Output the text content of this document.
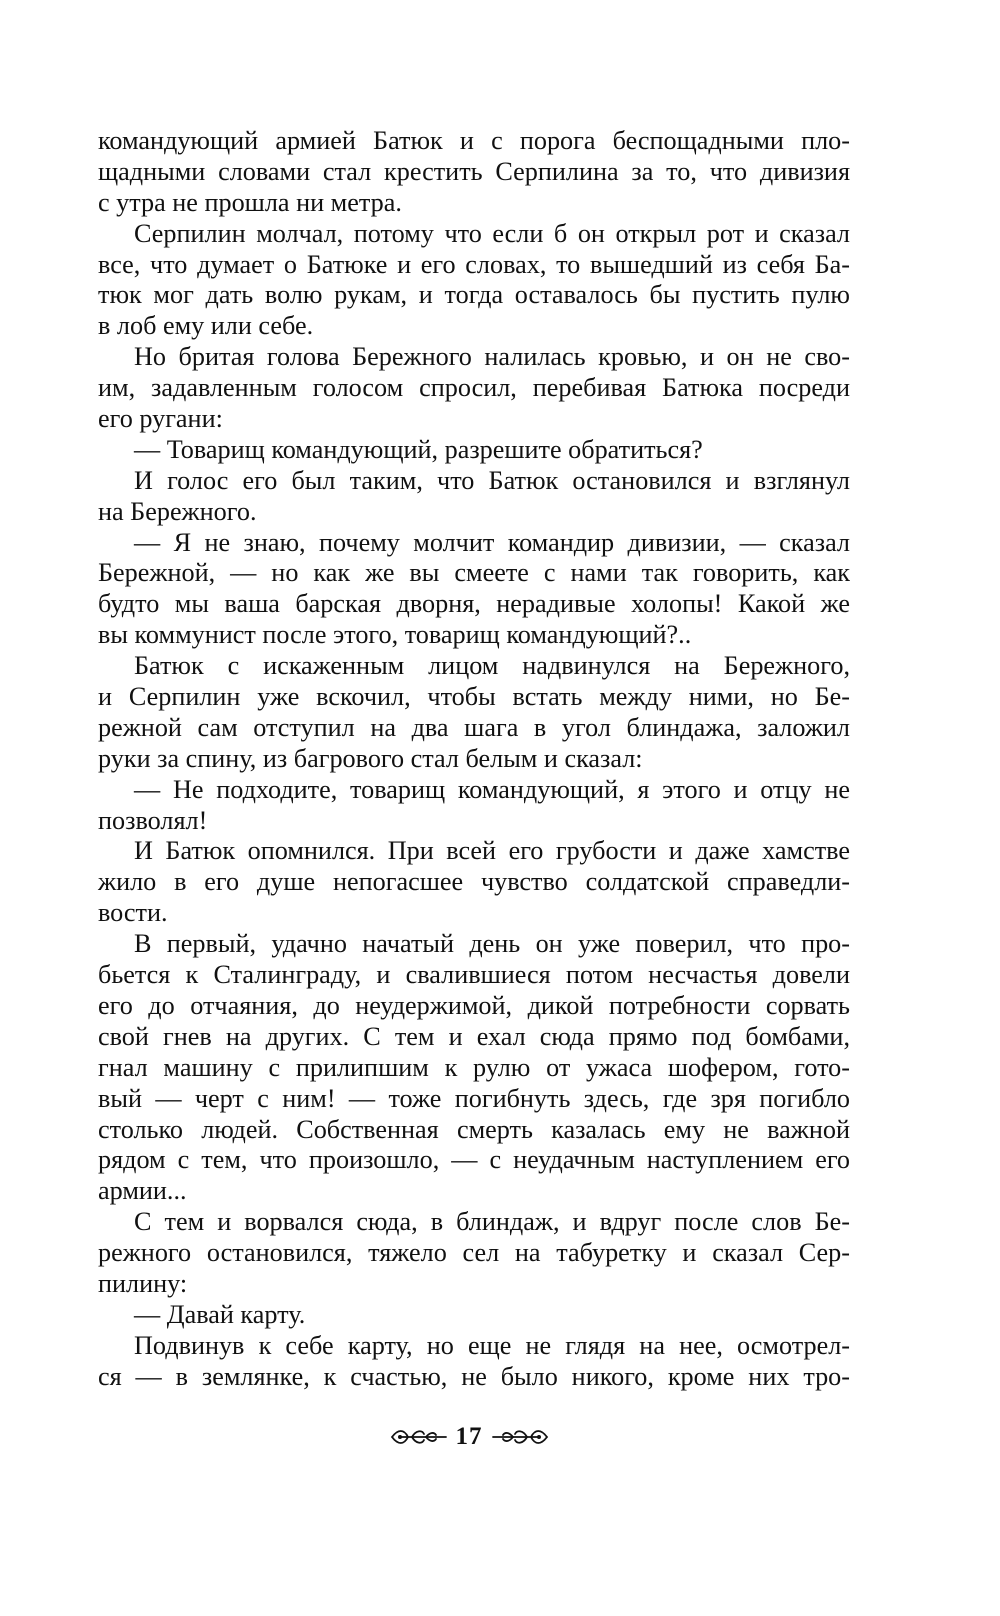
командующий армией Батюк и с порога беспощадными пло-
щадными словами стал крестить Серпилина за то, что дивизия
с утра не прошла ни метра.
Серпилин молчал, потому что если б он открыл рот и сказал
все, что думает о Батюке и его словах, то вышедший из себя Ба-
тюк мог дать волю рукам, и тогда оставалось бы пустить пулю
в лоб ему или себе.
Но бритая голова Бережного налилась кровью, и он не сво-
им, задавленным голосом спросил, перебивая Батюка посреди
его ругани:
— Товарищ командующий, разрешите обратиться?
И голос его был таким, что Батюк остановился и взглянул
на Бережного.
— Я не знаю, почему молчит командир дивизии, — сказал
Бережной, — но как же вы смеете с нами так говорить, как
будто мы ваша барская дворня, нерадивые холопы! Какой же
вы коммунист после этого, товарищ командующий?..
Батюк с искаженным лицом надвинулся на Бережного,
и Серпилин уже вскочил, чтобы встать между ними, но Бе-
режной сам отступил на два шага в угол блиндажа, заложил
руки за спину, из багрового стал белым и сказал:
— Не подходите, товарищ командующий, я этого и отцу не
позволял!
И Батюк опомнился. При всей его грубости и даже хамстве
жило в его душе непогасшее чувство солдатской справедли-
вости.
В первый, удачно начатый день он уже поверил, что про-
бьется к Сталинграду, и свалившиеся потом несчастья довели
его до отчаяния, до неудержимой, дикой потребности сорвать
свой гнев на других. С тем и ехал сюда прямо под бомбами,
гнал машину с прилипшим к рулю от ужаса шофером, гото-
вый — черт с ним! — тоже погибнуть здесь, где зря погибло
столько людей. Собственная смерть казалась ему не важной
рядом с тем, что произошло, — с неудачным наступлением его
армии...
С тем и ворвался сюда, в блиндаж, и вдруг после слов Бе-
режного остановился, тяжело сел на табуретку и сказал Сер-
пилину:
— Давай карту.
Подвинув к себе карту, но еще не глядя на нее, осмотрел-
ся — в землянке, к счастью, не было никого, кроме них тро-
17
